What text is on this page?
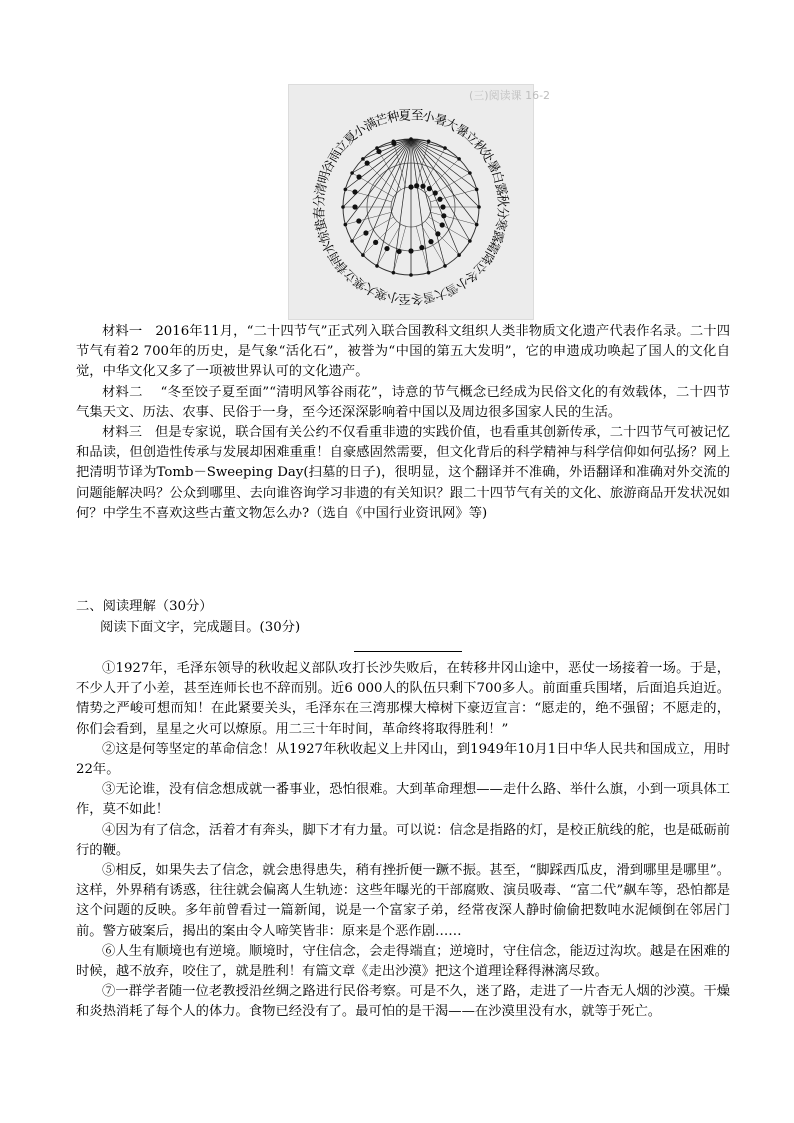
(三)阅读课 16-2
夏至
小暑
大暑
立秋
处暑
白露
秋分
寒露
霜降
立冬
小雪
大雪
冬至
小寒
大寒
立春
雨水
惊蛰
春分
清明
谷雨
立夏
小满
芒种

材料一 2016年11月，“二十四节气”正式列入联合国教科文组织人类非物质文化遗产代表作名录。二十四节气有着2 700年的历史，是气象“活化石”，被誉为“中国的第五大发明”，它的申遗成功唤起了国人的文化自觉，中华文化又多了一项被世界认可的文化遗产。

材料二 “冬至饺子夏至面”“清明风筝谷雨花”，诗意的节气概念已经成为民俗文化的有效载体，二十四节气集天文、历法、农事、民俗于一身，至今还深深影响着中国以及周边很多国家人民的生活。

材料三 但是专家说，联合国有关公约不仅看重非遗的实践价值，也看重其创新传承，二十四节气可被记忆和品读，但创造性传承与发展却困难重重！自豪感固然需要，但文化背后的科学精神与科学信仰如何弘扬？网上把清明节译为Tomb－Sweeping Day(扫墓的日子)，很明显，这个翻译并不准确，外语翻译和准确对外交流的问题能解决吗？公众到哪里、去向谁咨询学习非遗的有关知识？跟二十四节气有关的文化、旅游商品开发状况如何？中学生不喜欢这些古董文物怎么办?（选自《中国行业资讯网》等)

二、阅读理解（30分）
阅读下面文字，完成题目。(30分)

①1927年，毛泽东领导的秋收起义部队攻打长沙失败后，在转移井冈山途中，恶仗一场接着一场。于是，不少人开了小差，甚至连师长也不辞而别。近6 000人的队伍只剩下700多人。前面重兵围堵，后面追兵迫近。情势之严峻可想而知！在此紧要关头，毛泽东在三湾那棵大樟树下豪迈宣言：“愿走的，绝不强留；不愿走的，你们会看到，星星之火可以燎原。用二三十年时间，革命终将取得胜利！”

②这是何等坚定的革命信念！从1927年秋收起义上井冈山，到1949年10月1日中华人民共和国成立，用时22年。

③无论谁，没有信念想成就一番事业，恐怕很难。大到革命理想——走什么路、举什么旗，小到一项具体工作，莫不如此！

④因为有了信念，活着才有奔头，脚下才有力量。可以说：信念是指路的灯，是校正航线的舵，也是砥砺前行的鞭。

⑤相反，如果失去了信念，就会患得患失，稍有挫折便一蹶不振。甚至，“脚踩西瓜皮，滑到哪里是哪里”。这样，外界稍有诱惑，往往就会偏离人生轨迹：这些年曝光的干部腐败、演员吸毒、“富二代”飙车等，恐怕都是这个问题的反映。多年前曾看过一篇新闻，说是一个富家子弟，经常夜深人静时偷偷把数吨水泥倾倒在邻居门前。警方破案后，揭出的案由令人啼笑皆非：原来是个恶作剧……

⑥人生有顺境也有逆境。顺境时，守住信念，会走得端直；逆境时，守住信念，能迈过沟坎。越是在困难的时候，越不放弃，咬住了，就是胜利！有篇文章《走出沙漠》把这个道理诠释得淋漓尽致。

⑦一群学者随一位老教授沿丝绸之路进行民俗考察。可是不久，迷了路，走进了一片杳无人烟的沙漠。干燥和炎热消耗了每个人的体力。食物已经没有了。最可怕的是干渴——在沙漠里没有水，就等于死亡。
